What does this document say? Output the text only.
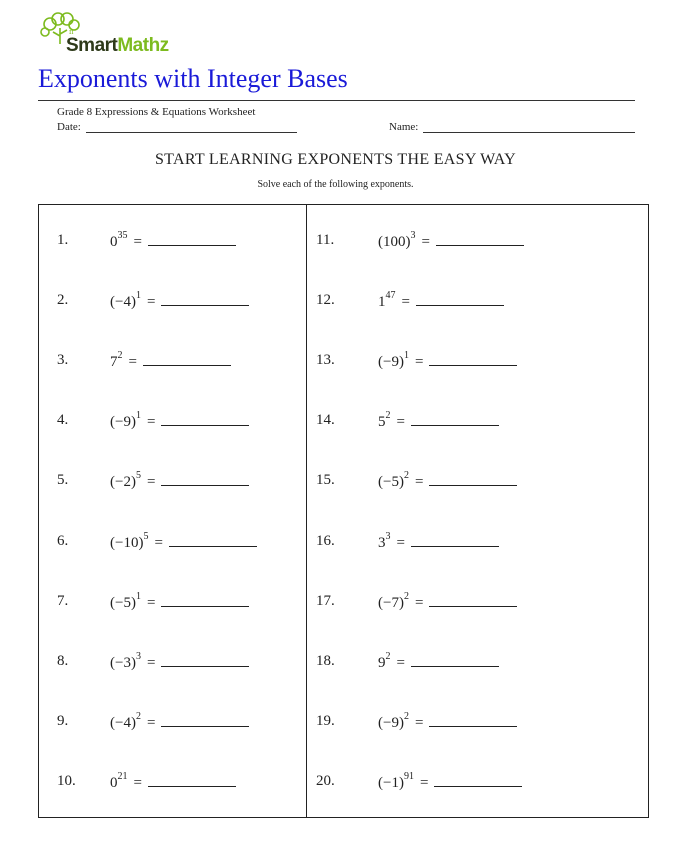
π
SmartMathz
Exponents with Integer Bases
Grade 8 Expressions & Equations Worksheet
Date:	Name:
START LEARNING EXPONENTS THE EASY WAY
Solve each of the following exponents.
1.	$0^{35}$ =
2.	$(-4)^1$ =
3.	$7^2$ =
4.	$(-9)^1$ =
5.	$(-2)^5$ =
6.	$(-10)^5$ =
7.	$(-5)^1$ =
8.	$(-3)^3$ =
9.	$(-4)^2$ =
10. $0^{21}$ =
11.	$(100)^3$ =
12.	$1^{47}$ =
13.	$(-9)^1$ =
14.	$5^2$ =
15.	$(-5)^2$ =
16.	$3^3$ =
17.	$(-7)^2$ =
18.	$9^2$ =
19.	$(-9)^2$ =
20.	$(-1)^{91}$ =
